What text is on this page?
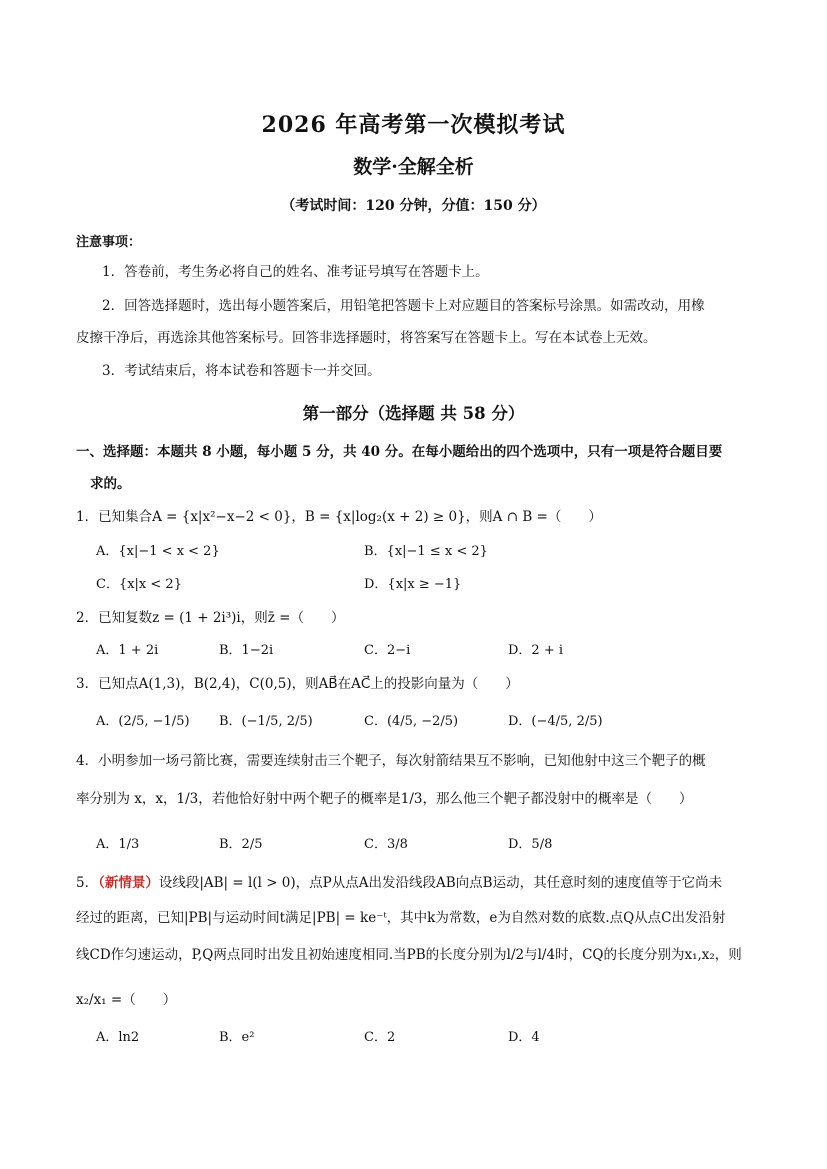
2026 年高考第一次模拟考试
数学·全解全析
（考试时间：120 分钟，分值：150 分）
注意事项：
1．答卷前，考生务必将自己的姓名、准考证号填写在答题卡上。
2．回答选择题时，选出每小题答案后，用铅笔把答题卡上对应题目的答案标号涂黑。如需改动，用橡
皮擦干净后，再选涂其他答案标号。回答非选择题时，将答案写在答题卡上。写在本试卷上无效。
3．考试结束后，将本试卷和答题卡一并交回。
第一部分（选择题 共 58 分）
一、选择题：本题共 8 小题，每小题 5 分，共 40 分。在每小题给出的四个选项中，只有一项是符合题目要
求的。
1．已知集合A = {x|x²−x−2 < 0}，B = {x|log₂(x + 2) ≥ 0}，则A ∩ B =（　　）
A．{x|−1 < x < 2}	B．{x|−1 ≤ x < 2}
C．{x|x < 2}	D．{x|x ≥ −1}
2．已知复数z = (1 + 2i³)i，则z̄ =（　　）
A．1 + 2i	B．1−2i	C．2−i	D．2 + i
3．已知点A(1,3)，B(2,4)，C(0,5)，则AB⃗在AC⃗上的投影向量为（　　）
A．(2/5, −1/5) B．(−1/5, 2/5)	C．(4/5, −2/5)	D．(−4/5, 2/5)
4．小明参加一场弓箭比赛，需要连续射击三个靶子，每次射箭结果互不影响，已知他射中这三个靶子的概
率分别为 x，x，1/3，若他恰好射中两个靶子的概率是1/3，那么他三个靶子都没射中的概率是（　　）
A．1/3	B．2/5	C．3/8	D．5/8
5．（新情景）设线段|AB| = l(l > 0)，点P从点A出发沿线段AB向点B运动，其任意时刻的速度值等于它尚未
经过的距离，已知|PB|与运动时间t满足|PB| = ke⁻ᵗ，其中k为常数，e为自然对数的底数.点Q从点C出发沿射
线CD作匀速运动，P,Q两点同时出发且初始速度相同.当PB的长度分别为l/2与l/4时，CQ的长度分别为x₁,x₂，则
x₂/x₁ =（　　）
A．ln2	B．e²	C．2	D．4
